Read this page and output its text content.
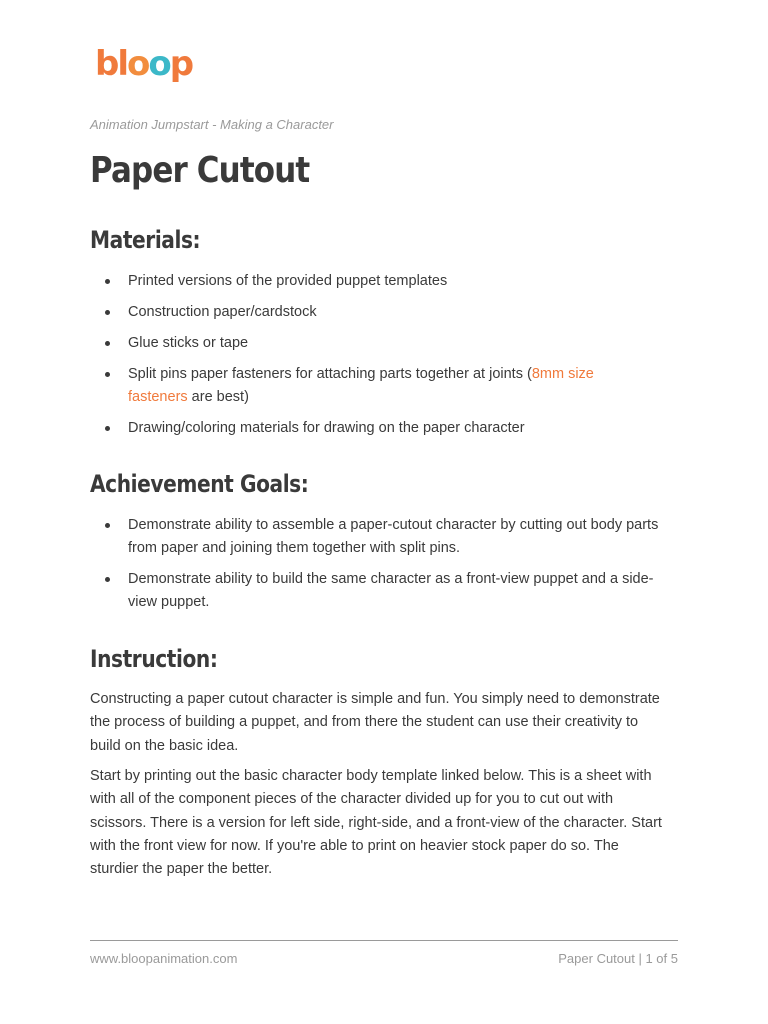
bloop
Animation Jumpstart - Making a Character
Paper Cutout
Materials:
Printed versions of the provided puppet templates
Construction paper/cardstock
Glue sticks or tape
Split pins paper fasteners for attaching parts together at joints (8mm size fasteners are best)
Drawing/coloring materials for drawing on the paper character
Achievement Goals:
Demonstrate ability to assemble a paper-cutout character by cutting out body parts from paper and joining them together with split pins.
Demonstrate ability to build the same character as a front-view puppet and a side-view puppet.
Instruction:

Constructing a paper cutout character is simple and fun. You simply need to demonstrate the process of building a puppet, and from there the student can use their creativity to build on the basic idea.

Start by printing out the basic character body template linked below. This is a sheet with with all of the component pieces of the character divided up for you to cut out with scissors. There is a version for left side, right-side, and a front-view of the character. Start with the front view for now. If you're able to print on heavier stock paper do so. The sturdier the paper the better.

www.bloopanimation.com	Paper Cutout | 1 of 5
